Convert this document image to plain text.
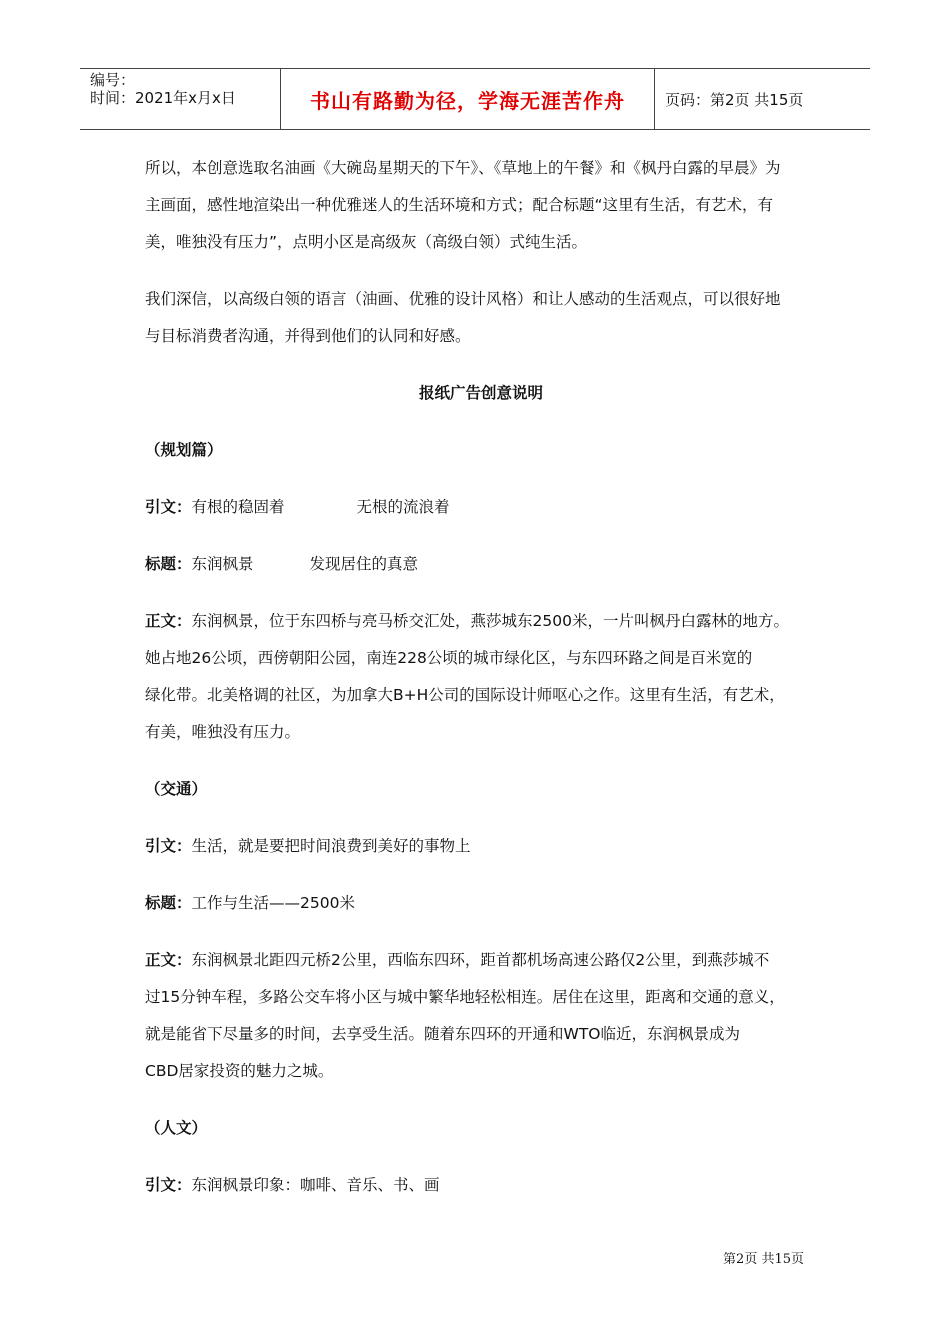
编号：
时间：2021年x月x日	书山有路勤为径，学海无涯苦作舟	页码：第2页 共15页

所以，本创意选取名油画《大碗岛星期天的下午》、《草地上的午餐》和《枫丹白露的早晨》为
主画面，感性地渲染出一种优雅迷人的生活环境和方式；配合标题“这里有生活，有艺术，有
美，唯独没有压力”，点明小区是高级灰（高级白领）式纯生活。

我们深信，以高级白领的语言（油画、优雅的设计风格）和让人感动的生活观点，可以很好地
与目标消费者沟通，并得到他们的认同和好感。

报纸广告创意说明

（规划篇）

引文：有根的稳固着	无根的流浪着

标题：东润枫景	发现居住的真意

正文：东润枫景，位于东四桥与亮马桥交汇处，燕莎城东2500米，一片叫枫丹白露林的地方。
她占地26公顷，西傍朝阳公园，南连228公顷的城市绿化区，与东四环路之间是百米宽的
绿化带。北美格调的社区，为加拿大B+H公司的国际设计师呕心之作。这里有生活，有艺术，
有美，唯独没有压力。

（交通）

引文：生活，就是要把时间浪费到美好的事物上

标题：工作与生活——2500米

正文：东润枫景北距四元桥2公里，西临东四环，距首都机场高速公路仅2公里，到燕莎城不
过15分钟车程，多路公交车将小区与城中繁华地轻松相连。居住在这里，距离和交通的意义，
就是能省下尽量多的时间，去享受生活。随着东四环的开通和WTO临近，东润枫景成为
CBD居家投资的魅力之城。

（人文）

引文：东润枫景印象：咖啡、音乐、书、画

第2页 共15页
